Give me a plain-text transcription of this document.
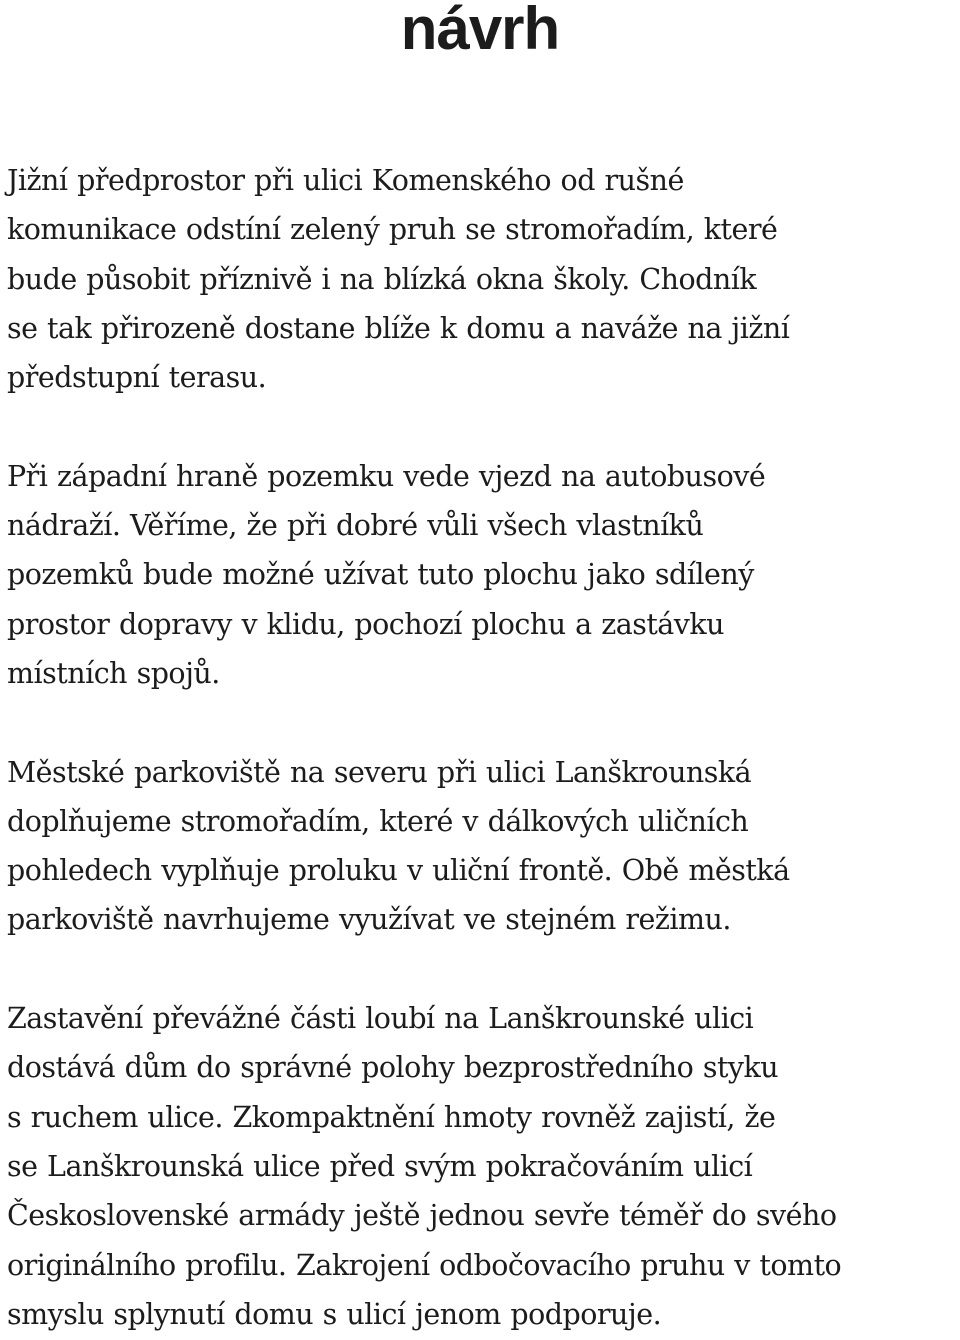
návrh

Jižní předprostor při ulici Komenského od rušné
komunikace odstíní zelený pruh se stromořadím, které
bude působit příznivě i na blízká okna školy. Chodník
se tak přirozeně dostane blíže k domu a naváže na jižní
předstupní terasu.

Při západní hraně pozemku vede vjezd na autobusové
nádraží. Věříme, že při dobré vůli všech vlastníků
pozemků bude možné užívat tuto plochu jako sdílený
prostor dopravy v klidu, pochozí plochu a zastávku
místních spojů.

Městské parkoviště na severu při ulici Lanškrounská
doplňujeme stromořadím, které v dálkových uličních
pohledech vyplňuje proluku v uliční frontě. Obě městká
parkoviště navrhujeme využívat ve stejném režimu.

Zastavění převážné části loubí na Lanškrounské ulici
dostává dům do správné polohy bezprostředního styku
s ruchem ulice. Zkompaktnění hmoty rovněž zajistí, že
se Lanškrounská ulice před svým pokračováním ulicí
Československé armády ještě jednou sevře téměř do svého
originálního profilu. Zakrojení odbočovacího pruhu v tomto
smyslu splynutí domu s ulicí jenom podporuje.
